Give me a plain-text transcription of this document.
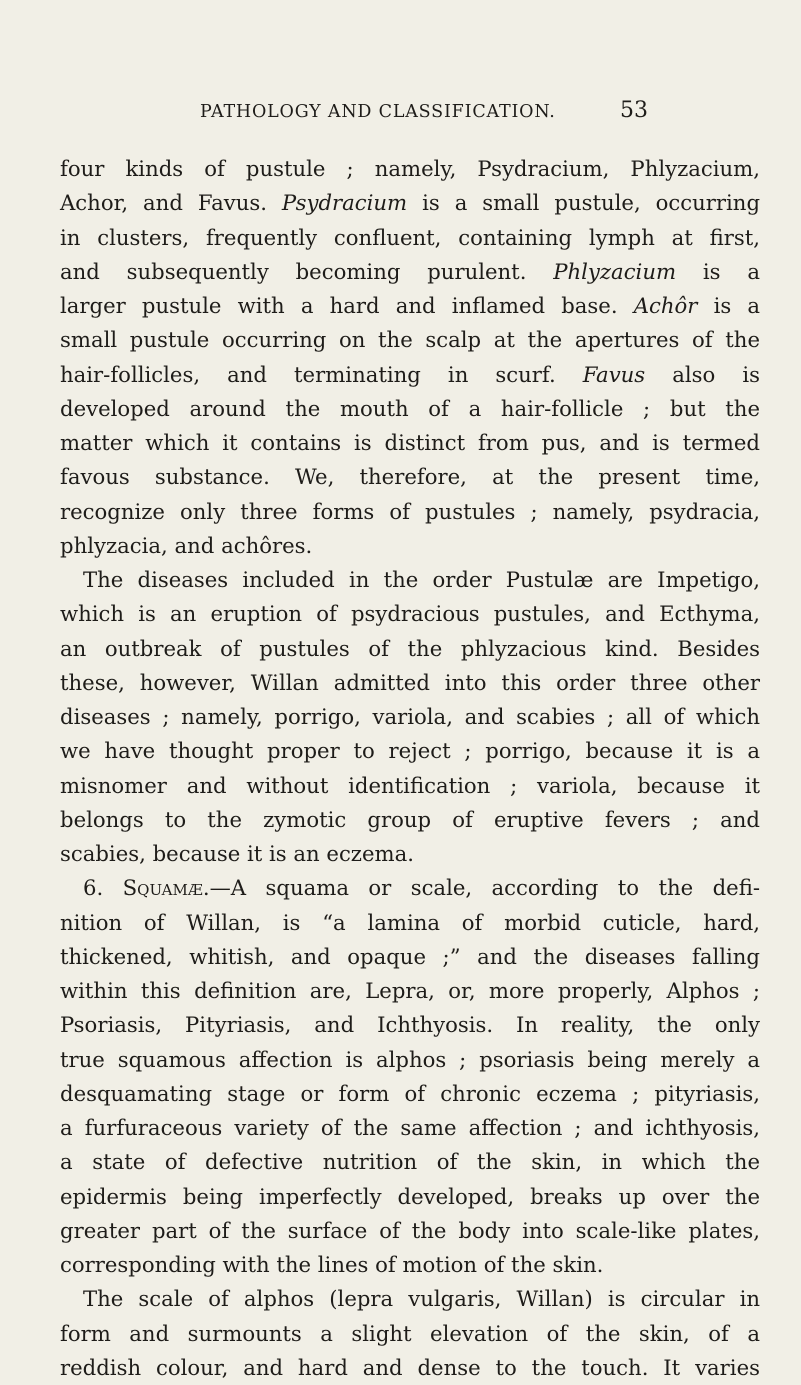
PATHOLOGY AND CLASSIFICATION.	53
four kinds of pustule ; namely, Psydracium, Phlyzacium,
Achor, and Favus. Psydracium is a small pustule, occurring
in clusters, frequently confluent, containing lymph at first,
and subsequently becoming purulent. Phlyzacium is a
larger pustule with a hard and inflamed base. Achôr is a
small pustule occurring on the scalp at the apertures of the
hair-follicles, and terminating in scurf. Favus also is
developed around the mouth of a hair-follicle ; but the
matter which it contains is distinct from pus, and is termed
favous substance. We, therefore, at the present time,
recognize only three forms of pustules ; namely, psydracia,
phlyzacia, and achôres.
The diseases included in the order Pustulæ are Impetigo,
which is an eruption of psydracious pustules, and Ecthyma,
an outbreak of pustules of the phlyzacious kind. Besides
these, however, Willan admitted into this order three other
diseases ; namely, porrigo, variola, and scabies ; all of which
we have thought proper to reject ; porrigo, because it is a
misnomer and without identification ; variola, because it
belongs to the zymotic group of eruptive fevers ; and
scabies, because it is an eczema.
6. Squamæ.—A squama or scale, according to the defi-
nition of Willan, is “a lamina of morbid cuticle, hard,
thickened, whitish, and opaque ;” and the diseases falling
within this definition are, Lepra, or, more properly, Alphos ;
Psoriasis, Pityriasis, and Ichthyosis. In reality, the only
true squamous affection is alphos ; psoriasis being merely a
desquamating stage or form of chronic eczema ; pityriasis,
a furfuraceous variety of the same affection ; and ichthyosis,
a state of defective nutrition of the skin, in which the
epidermis being imperfectly developed, breaks up over the
greater part of the surface of the body into scale-like plates,
corresponding with the lines of motion of the skin.
The scale of alphos (lepra vulgaris, Willan) is circular in
form and surmounts a slight elevation of the skin, of a
reddish colour, and hard and dense to the touch. It varies
